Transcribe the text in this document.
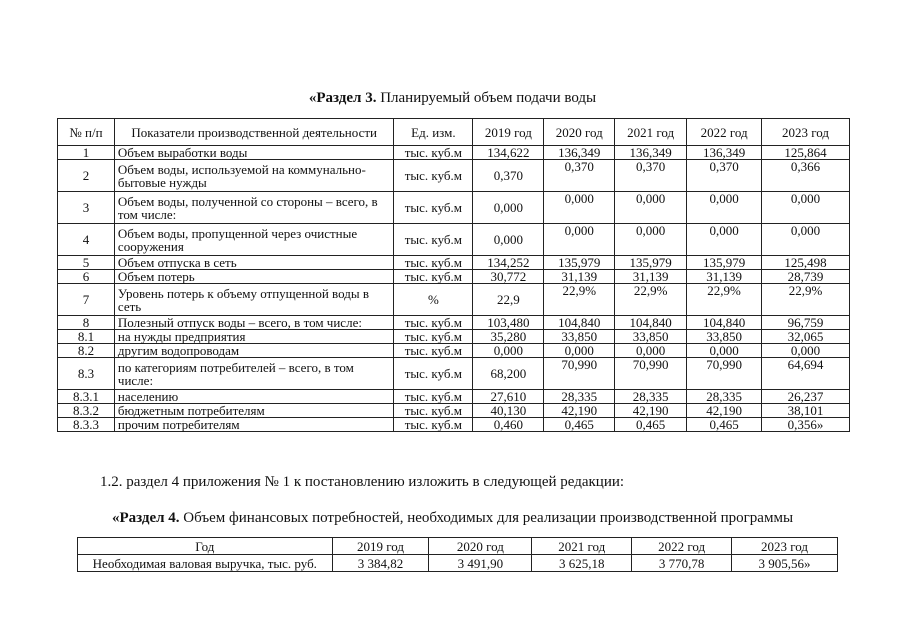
«Раздел 3. Планируемый объем подачи воды
№ п/п	Показатели производственной деятельности	Ед. изм.	2019 год	2020 год	2021 год	2022 год	2023 год
1	Объем выработки воды	тыс. куб.м	134,622	136,349	136,349	136,349	125,864
2	Объем воды, используемой на коммунально-бытовые нужды	тыс. куб.м	0,370	0,370	0,370	0,370	0,366
3	Объем воды, полученной со стороны – всего, в том числе:	тыс. куб.м	0,000	0,000	0,000	0,000	0,000
4	Объем воды, пропущенной через очистные сооружения	тыс. куб.м	0,000	0,000	0,000	0,000	0,000
5	Объем отпуска в сеть	тыс. куб.м	134,252	135,979	135,979	135,979	125,498
6	Объем потерь	тыс. куб.м	30,772	31,139	31,139	31,139	28,739
7	Уровень потерь к объему отпущенной воды в сеть	%	22,9	22,9%	22,9%	22,9%	22,9%
8	Полезный отпуск воды – всего, в том числе:	тыс. куб.м	103,480	104,840	104,840	104,840	96,759
8.1	на нужды предприятия	тыс. куб.м	35,280	33,850	33,850	33,850	32,065
8.2	другим водопроводам	тыс. куб.м	0,000	0,000	0,000	0,000	0,000
8.3	по категориям потребителей – всего, в том числе:	тыс. куб.м	68,200	70,990	70,990	70,990	64,694
8.3.1	населению	тыс. куб.м	27,610	28,335	28,335	28,335	26,237
8.3.2	бюджетным потребителям	тыс. куб.м	40,130	42,190	42,190	42,190	38,101
8.3.3	прочим потребителям	тыс. куб.м	0,460	0,465	0,465	0,465	0,356»
1.2. раздел 4 приложения № 1 к постановлению изложить в следующей редакции:
«Раздел 4. Объем финансовых потребностей, необходимых для реализации производственной программы
Год	2019 год	2020 год	2021 год	2022 год	2023 год
Необходимая валовая выручка, тыс. руб.	3 384,82	3 491,90	3 625,18	3 770,78	3 905,56»
